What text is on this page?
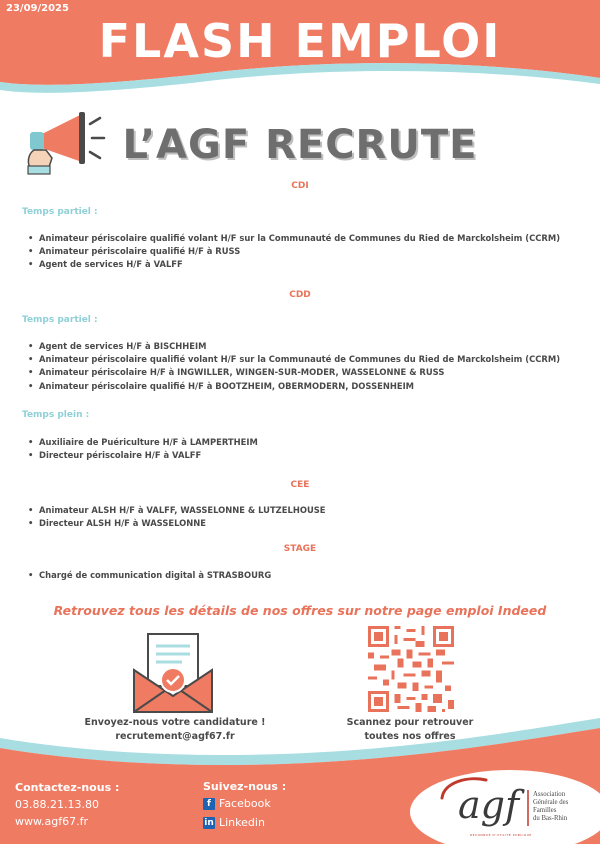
23/09/2025
FLASH EMPLOI
L’AGF RECRUTE
CDI
Temps partiel :
• Animateur périscolaire qualifié volant H/F sur la Communauté de Communes du Ried de Marckolsheim (CCRM)
• Animateur périscolaire qualifié H/F à RUSS
• Agent de services H/F à VALFF
CDD
Temps partiel :
• Agent de services H/F à BISCHHEIM
• Animateur périscolaire qualifié volant H/F sur la Communauté de Communes du Ried de Marckolsheim (CCRM)
• Animateur périscolaire H/F à INGWILLER, WINGEN-SUR-MODER, WASSELONNE & RUSS
• Animateur périscolaire qualifié H/F à BOOTZHEIM, OBERMODERN, DOSSENHEIM
Temps plein :
• Auxiliaire de Puériculture H/F à LAMPERTHEIM
• Directeur périscolaire H/F à VALFF
CEE
• Animateur ALSH H/F à VALFF, WASSELONNE & LUTZELHOUSE
• Directeur ALSH H/F à WASSELONNE
STAGE
• Chargé de communication digital à STRASBOURG
Retrouvez tous les détails de nos offres sur notre page emploi Indeed
Envoyez-nous votre candidature !
recrutement@agf67.fr
Scannez pour retrouver
toutes nos offres
Contactez-nous :
03.88.21.13.80
www.agf67.fr
Suivez-nous :
f Facebook
in Linkedin	agf Association
Générale des
Familles
du Bas-Rhin
RECONNUE D'UTILITÉ PUBLIQUE
